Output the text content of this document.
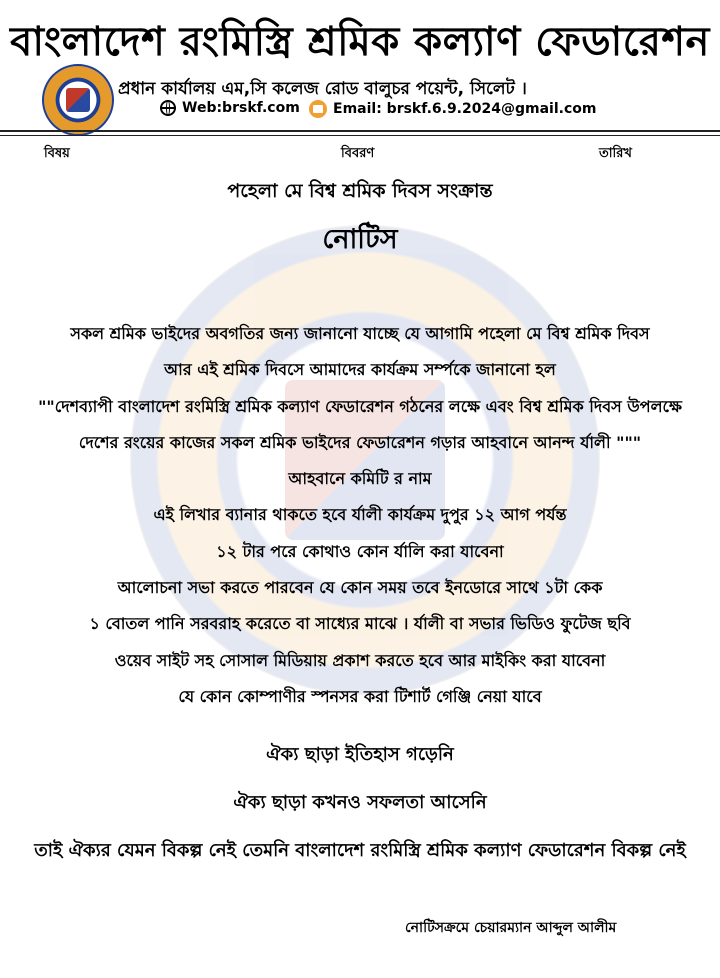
বাংলাদেশ রংমিস্ত্রি শ্রমিক কল্যাণ ফেডারেশন
প্রধান কার্যালয় এম,সি কলেজ রোড বালুচর পয়েন্ট, সিলেট ।
Web:brskf.com Email: brskf.6.9.2024@gmail.com
বিষয়	বিবরণ	তারিখ
পহেলা মে বিশ্ব শ্রমিক দিবস সংক্রান্ত
নোটিস
সকল শ্রমিক ভাইদের অবগতির জন্য জানানো যাচ্ছে যে আগামি পহেলা মে বিশ্ব শ্রমিক দিবস
আর এই শ্রমিক দিবসে আমাদের কার্যক্রম সর্ম্পকে জানানো হল
""দেশব্যাপী বাংলাদেশ রংমিস্ত্রি শ্রমিক কল্যাণ ফেডারেশন গঠনের লক্ষে এবং বিশ্ব শ্রমিক দিবস উপলক্ষে
দেশের রংয়ের কাজের সকল শ্রমিক ভাইদের ফেডারেশন গড়ার আহবানে আনন্দ র্যালী """
আহবানে কমিটি র নাম
এই লিখার ব্যানার থাকতে হবে র্যালী কার্যক্রম দুপুর ১২ আগ পর্যন্ত
১২ টার পরে কোথাও কোন র্যালি করা যাবেনা
আলোচনা সভা করতে পারবেন যে কোন সময় তবে ইনডোরে সাথে ১টা কেক
১ বোতল পানি সরবরাহ করেতে বা সাধ্যের মাঝে । র্যালী বা সভার ভিডিও ফুটেজ ছবি
ওয়েব সাইট সহ সোসাল মিডিয়ায় প্রকাশ করতে হবে আর মাইকিং করা যাবেনা
যে কোন কোম্পাণীর স্পনসর করা টিশার্ট গেঞ্জি নেয়া যাবে
ঐক্য ছাড়া ইতিহাস গড়েনি
ঐক্য ছাড়া কখনও সফলতা আসেনি
তাই ঐক্যর যেমন বিকল্প নেই তেমনি বাংলাদেশ রংমিস্ত্রি শ্রমিক কল্যাণ ফেডারেশন বিকল্প নেই
নোটিসক্রমে চেয়ারম্যান আব্দুল আলীম
